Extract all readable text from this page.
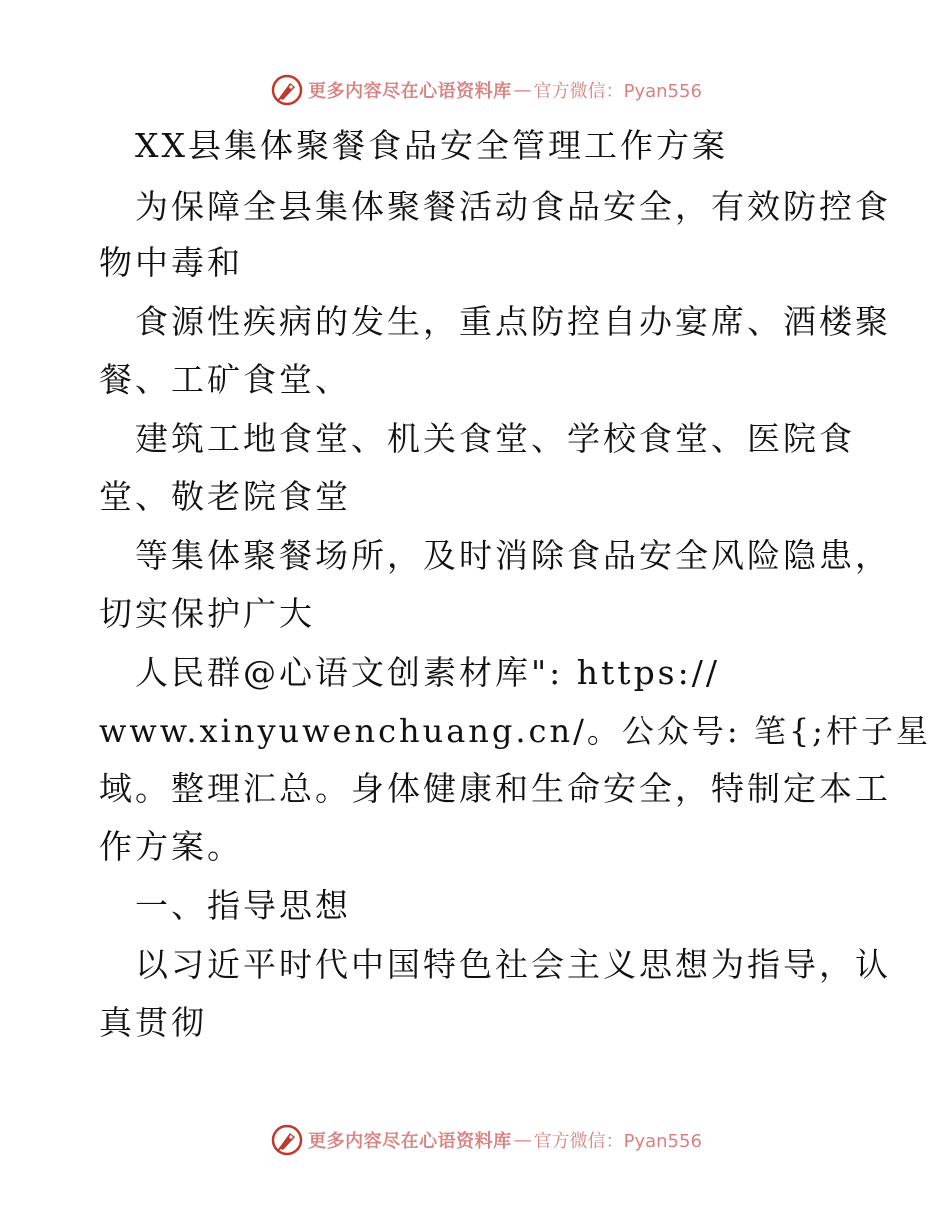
更多内容尽在心语资料库 — 官方微信：Pyan556
XX县集体聚餐食品安全管理工作方案
为保障全县集体聚餐活动食品安全，有效防控食
物中毒和
食源性疾病的发生，重点防控自办宴席、酒楼聚
餐、工矿食堂、
建筑工地食堂、机关食堂、学校食堂、医院食
堂、敬老院食堂
等集体聚餐场所，及时消除食品安全风险隐患，
切实保护广大
人民群@心语文创素材库": https://
www.xinyuwenchuang.cn/。公众号: 笔{;杆子星
域。整理汇总。身体健康和生命安全，特制定本工
作方案。
一、指导思想
以习近平时代中国特色社会主义思想为指导，认
真贯彻
更多内容尽在心语资料库 — 官方微信：Pyan556
